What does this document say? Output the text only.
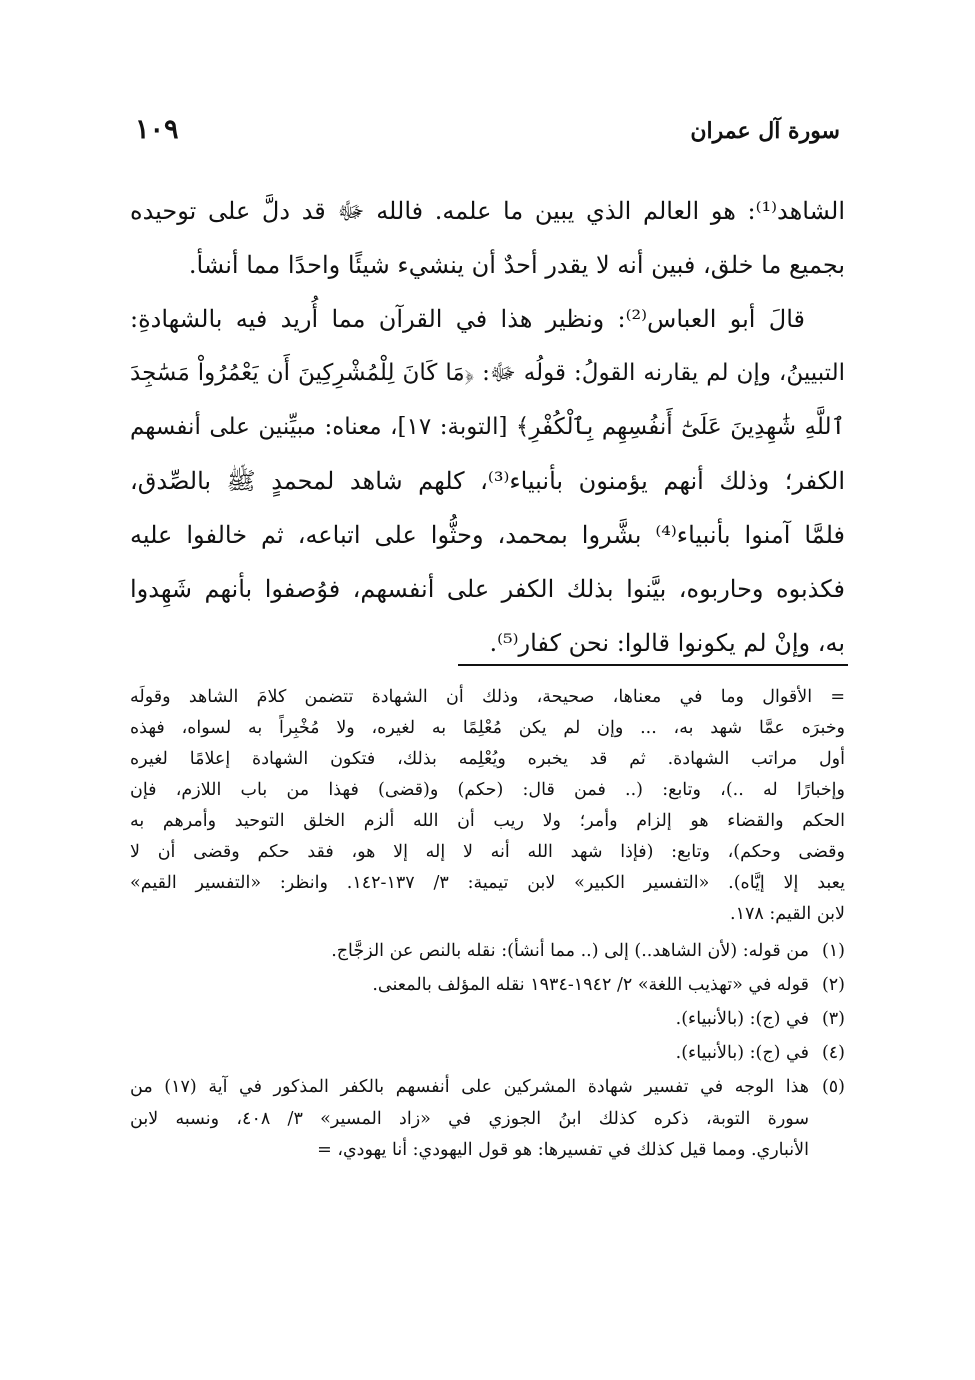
سورة آل عمران
١٠٩
الشاهد⁽¹⁾: هو العالم الذي يبين ما علمه. فالله ﷻ قد دلَّ على توحيده
بجميع ما خلق، فبين أنه لا يقدر أحدٌ أن ينشيء شيئًا واحدًا مما أنشأ.
قالَ أبو العباس⁽²⁾: ونظير هذا في القرآن مما أُريد فيه بالشهادةِ:
التبيينُ، وإن لم يقارنه القولُ: قولُه ﷻ: ﴿مَا كَانَ لِلْمُشْرِكِينَ أَن يَعْمُرُواْ مَسَٰجِدَ
ٱللَّهِ شَٰهِدِينَ عَلَىٰٓ أَنفُسِهِم بِٱلْكُفْرِ﴾ [التوبة: ١٧]، معناه: مبيِّنين على أنفسهم
الكفر؛ وذلك أنهم يؤمنون بأنبياء⁽³⁾، كلهم شاهد لمحمدٍ ﷺ بالصِّدق،
فلمَّا آمنوا بأنبياء⁽⁴⁾ بشَّروا بمحمد، وحثُّوا على اتباعه، ثم خالفوا عليه
فكذبوه وحاربوه، بيَّنوا بذلك الكفر على أنفسهم، فوُصفوا بأنهم شَهِدوا
به، وإنْ لم يكونوا قالوا: نحن كفار⁽⁵⁾.
= الأقوال وما في معناها، صحيحة، وذلك أن الشهادة تتضمن كلامَ الشاهد وقولَه
وخبرَه عمَّا شهد به، ... وإن لم يكن مُعْلِمًا به لغيره، ولا مُخْبِراً به لسواه، فهذه
أول مراتب الشهادة. ثم قد يخبره ويُعْلِمه بذلك، فتكون الشهادة إعلامًا لغيره
وإخبارًا له ..)، وتابع: (.. فمن قال: (حكم) و(قضى) فهذا من باب اللازم، فإن
الحكم والقضاء هو إلزام وأمر؛ ولا ريب أن الله ألزم الخلق التوحيد وأمرهم به
وقضى وحكم)، وتابع: (فإذا شهد الله أنه لا إله إلا هو، فقد حكم وقضى أن لا
يعبد إلا إيَّاه). «التفسير الكبير» لابن تيمية: ٣/ ١٣٧-١٤٢. وانظر: «التفسير القيم»
لابن القيم: ١٧٨.
(١)
من قوله: (لأن الشاهد..) إلى (.. مما أنشأ): نقله بالنص عن الزجَّاج.
(٢)
قوله في «تهذيب اللغة» ٢/ ١٩٤٢-١٩٣٤ نقله المؤلف بالمعنى.
(٣)
في (ج): (بالأنبياء).
(٤)
في (ج): (بالأنبياء).
(٥)
هذا الوجه في تفسير شهادة المشركين على أنفسهم بالكفر المذكور في آية (١٧) من
سورة التوبة، ذكره كذلك ابنُ الجوزي في «زاد المسير» ٣/ ٤٠٨، ونسبه لابن
الأنباري. ومما قيل كذلك في تفسيرها: هو قول اليهودي: أنا يهودي، =
